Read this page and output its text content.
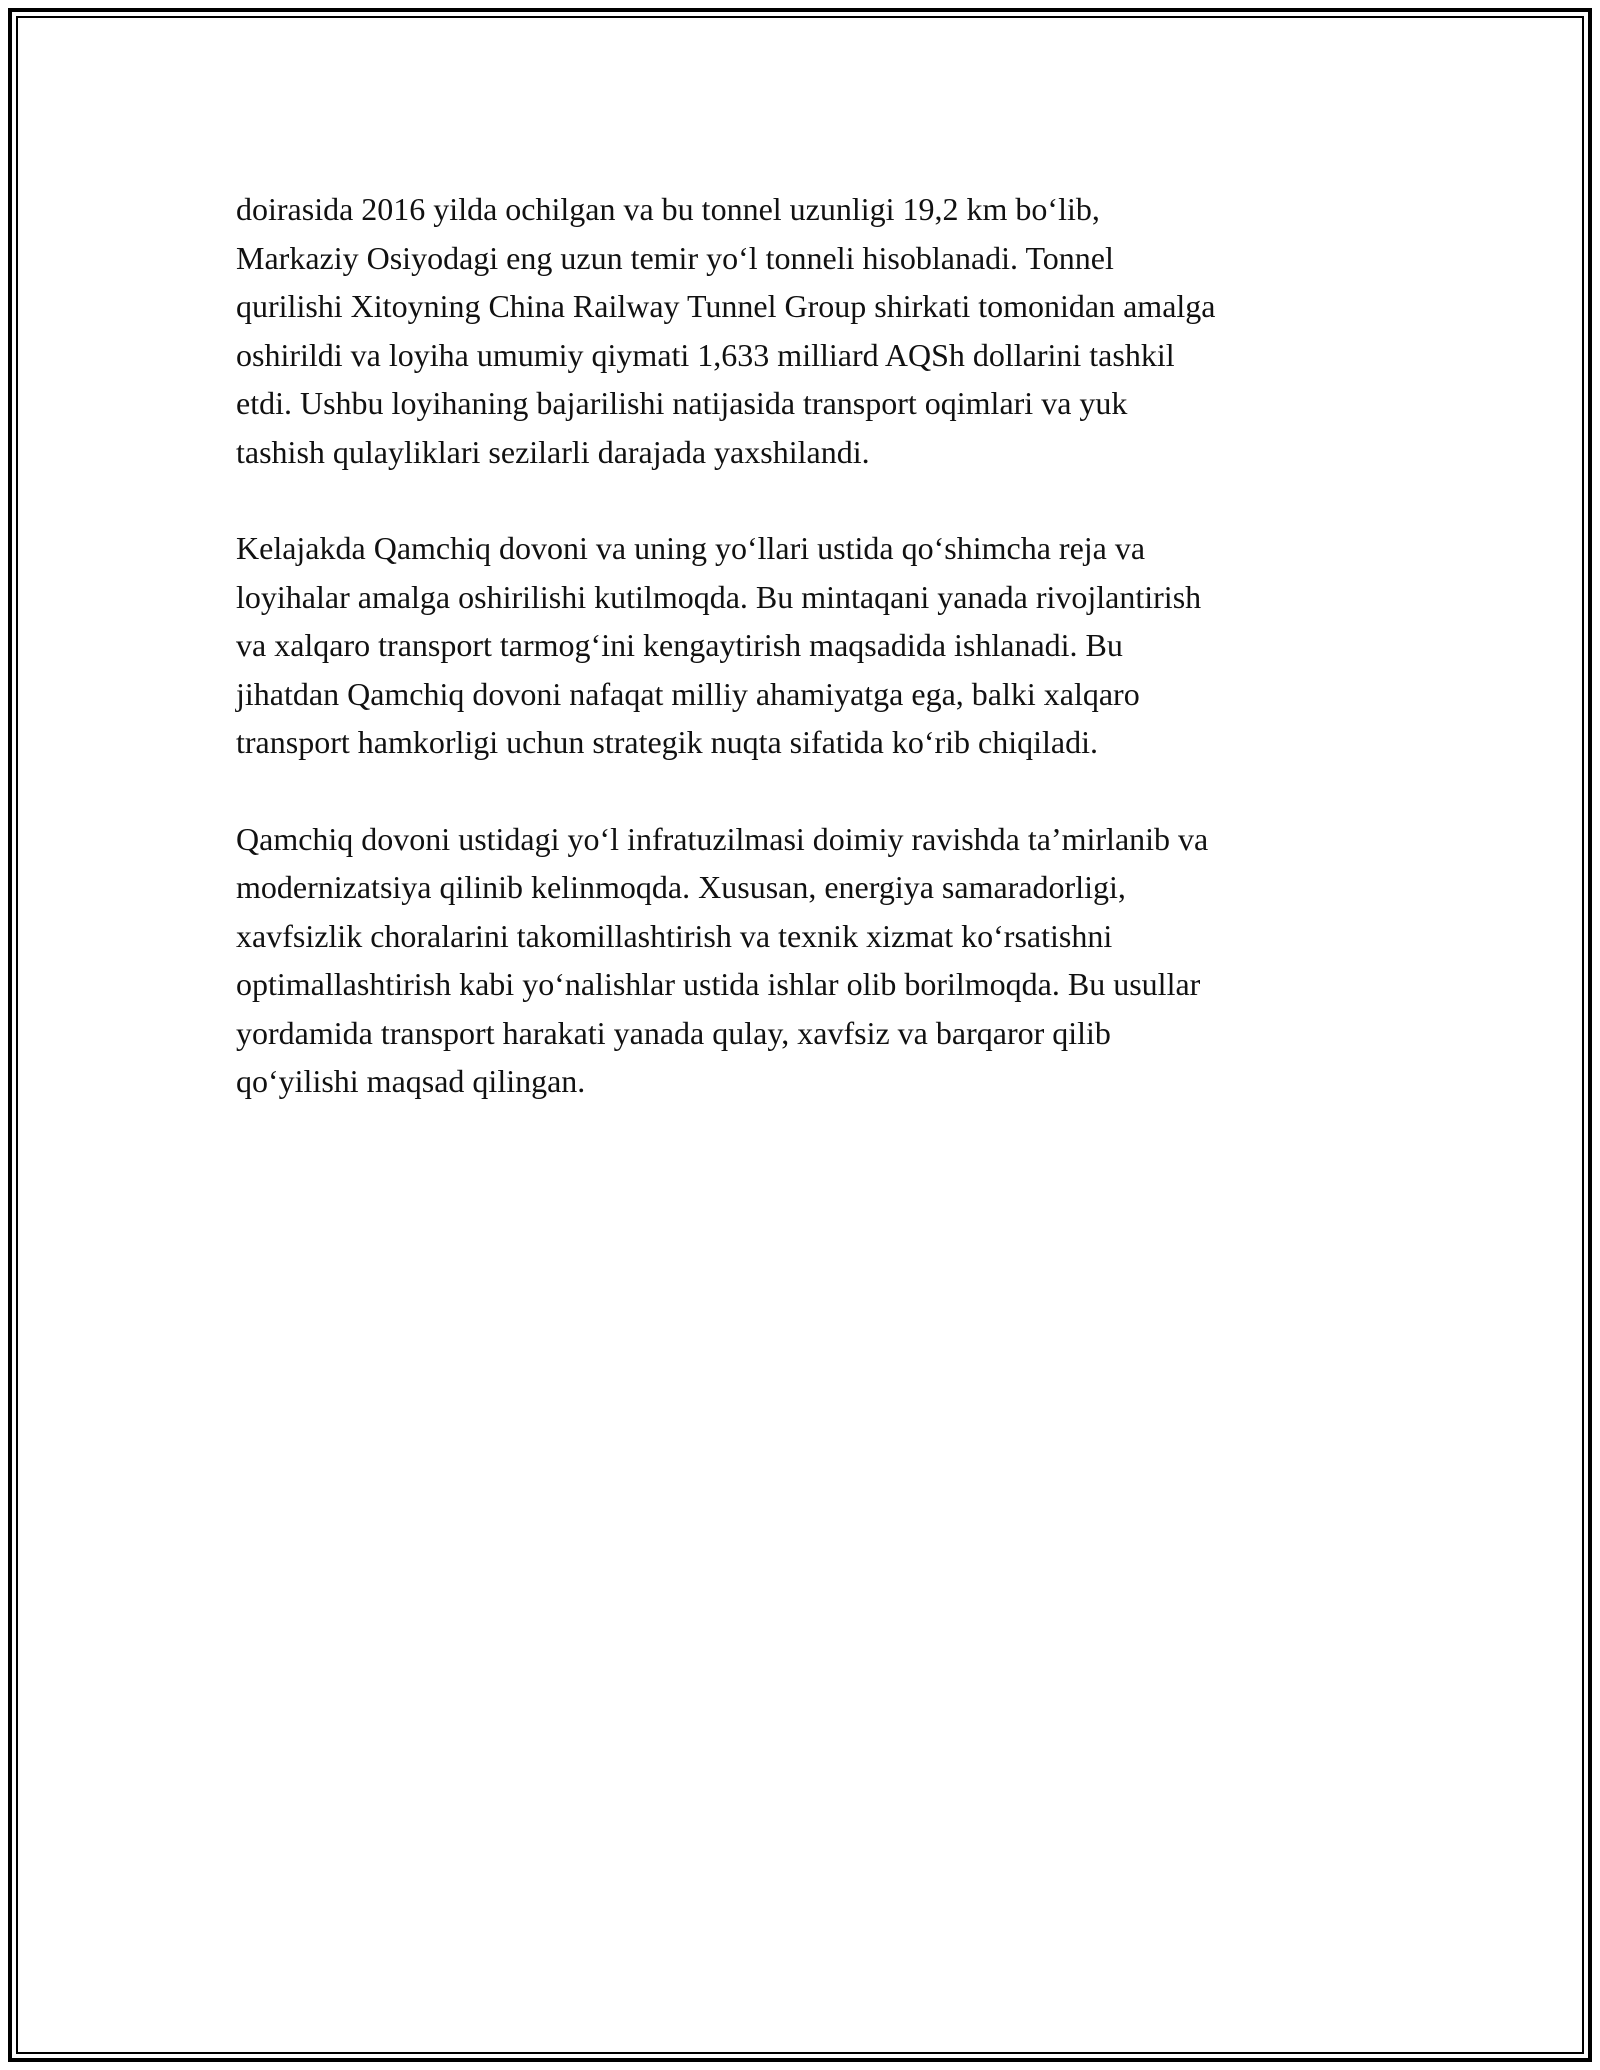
doirasida 2016 yilda ochilgan va bu tonnel uzunligi 19,2 km bo‘lib,
Markaziy Osiyodagi eng uzun temir yo‘l tonneli hisoblanadi. Tonnel
qurilishi Xitoyning China Railway Tunnel Group shirkati tomonidan amalga
oshirildi va loyiha umumiy qiymati 1,633 milliard AQSh dollarini tashkil
etdi. Ushbu loyihaning bajarilishi natijasida transport oqimlari va yuk
tashish qulayliklari sezilarli darajada yaxshilandi.

Kelajakda Qamchiq dovoni va uning yo‘llari ustida qo‘shimcha reja va
loyihalar amalga oshirilishi kutilmoqda. Bu mintaqani yanada rivojlantirish
va xalqaro transport tarmog‘ini kengaytirish maqsadida ishlanadi. Bu
jihatdan Qamchiq dovoni nafaqat milliy ahamiyatga ega, balki xalqaro
transport hamkorligi uchun strategik nuqta sifatida ko‘rib chiqiladi.

Qamchiq dovoni ustidagi yo‘l infratuzilmasi doimiy ravishda ta’mirlanib va
modernizatsiya qilinib kelinmoqda. Xususan, energiya samaradorligi,
xavfsizlik choralarini takomillashtirish va texnik xizmat ko‘rsatishni
optimallashtirish kabi yo‘nalishlar ustida ishlar olib borilmoqda. Bu usullar
yordamida transport harakati yanada qulay, xavfsiz va barqaror qilib
qo‘yilishi maqsad qilingan.
